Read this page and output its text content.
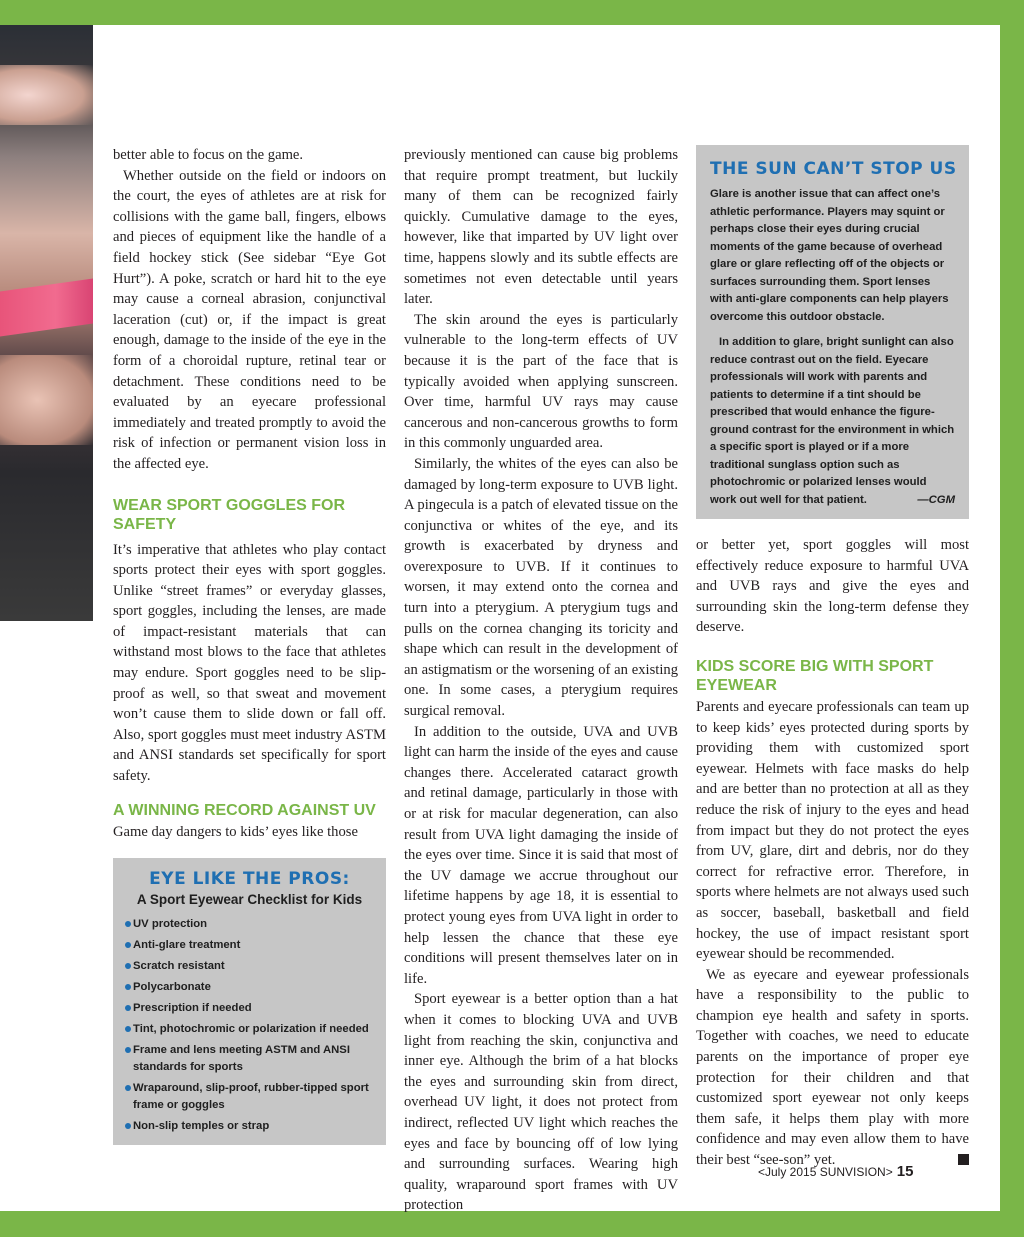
better able to focus on the game.

Whether outside on the field or indoors on the court, the eyes of athletes are at risk for collisions with the game ball, fingers, elbows and pieces of equipment like the handle of a field hockey stick (See sidebar “Eye Got Hurt”). A poke, scratch or hard hit to the eye may cause a corneal abrasion, conjunctival laceration (cut) or, if the impact is great enough, damage to the inside of the eye in the form of a choroidal rupture, retinal tear or detachment. These conditions need to be evaluated by an eyecare professional immediately and treated promptly to avoid the risk of infection or permanent vision loss in the affected eye.

WEAR SPORT GOGGLES FOR SAFETY

It’s imperative that athletes who play contact sports protect their eyes with sport goggles. Unlike “street frames” or everyday glasses, sport goggles, including the lenses, are made of impact-resistant materials that can withstand most blows to the face that athletes may endure. Sport goggles need to be slip-proof as well, so that sweat and movement won’t cause them to slide down or fall off. Also, sport goggles must meet industry ASTM and ANSI standards set specifically for sport safety.

A WINNING RECORD AGAINST UV

Game day dangers to kids’ eyes like those

EYE LIKE THE PROS:
A Sport Eyewear Checklist for Kids
UV protection
Anti-glare treatment
Scratch resistant
Polycarbonate
Prescription if needed
Tint, photochromic or polarization if needed
Frame and lens meeting ASTM and ANSI standards for sports
Wraparound, slip-proof, rubber-tipped sport frame or goggles
Non-slip temples or strap

previously mentioned can cause big problems that require prompt treatment, but luckily many of them can be recognized fairly quickly. Cumulative damage to the eyes, however, like that imparted by UV light over time, happens slowly and its subtle effects are sometimes not even detectable until years later.

The skin around the eyes is particularly vulnerable to the long-term effects of UV because it is the part of the face that is typically avoided when applying sunscreen. Over time, harmful UV rays may cause cancerous and non-cancerous growths to form in this commonly unguarded area.

Similarly, the whites of the eyes can also be damaged by long-term exposure to UVB light. A pingecula is a patch of elevated tissue on the conjunctiva or whites of the eye, and its growth is exacerbated by dryness and overexposure to UVB. If it continues to worsen, it may extend onto the cornea and turn into a pterygium. A pterygium tugs and pulls on the cornea changing its toricity and shape which can result in the development of an astigmatism or the worsening of an existing one. In some cases, a pterygium requires surgical removal.

In addition to the outside, UVA and UVB light can harm the inside of the eyes and cause changes there. Accelerated cataract growth and retinal damage, particularly in those with or at risk for macular degeneration, can also result from UVA light damaging the inside of the eyes over time. Since it is said that most of the UV damage we accrue throughout our lifetime happens by age 18, it is essential to protect young eyes from UVA light in order to help lessen the chance that these eye conditions will present themselves later on in life.

Sport eyewear is a better option than a hat when it comes to blocking UVA and UVB light from reaching the skin, conjunctiva and inner eye. Although the brim of a hat blocks the eyes and surrounding skin from direct, overhead UV light, it does not protect from indirect, reflected UV light which reaches the eyes and face by bouncing off of low lying and surrounding surfaces. Wearing high quality, wraparound sport frames with UV protection

THE SUN CAN’T STOP US

Glare is another issue that can affect one’s athletic performance. Players may squint or perhaps close their eyes during crucial moments of the game because of overhead glare or glare reflecting off of the objects or surfaces surrounding them. Sport lenses with anti-glare components can help players overcome this outdoor obstacle.

In addition to glare, bright sunlight can also reduce contrast out on the field. Eyecare professionals will work with parents and patients to determine if a tint should be prescribed that would enhance the figure-ground contrast for the environment in which a specific sport is played or if a more traditional sunglass option such as photochromic or polarized lenses would work out well for that patient.	—CGM

or better yet, sport goggles will most effectively reduce exposure to harmful UVA and UVB rays and give the eyes and surrounding skin the long-term defense they deserve.

KIDS SCORE BIG WITH SPORT EYEWEAR

Parents and eyecare professionals can team up to keep kids’ eyes protected during sports by providing them with customized sport eyewear. Helmets with face masks do help and are better than no protection at all as they reduce the risk of injury to the eyes and head from impact but they do not protect the eyes from UV, glare, dirt and debris, nor do they correct for refractive error. Therefore, in sports where helmets are not always used such as soccer, baseball, basketball and field hockey, the use of impact resistant sport eyewear should be recommended.

We as eyecare and eyewear professionals have a responsibility to the public to champion eye health and safety in sports. Together with coaches, we need to educate parents on the importance of proper eye protection for their children and that customized sport eyewear not only keeps them safe, it helps them play with more confidence and may even allow them to have their best “see-son” yet.

<July 2015 SUNVISION> 15
